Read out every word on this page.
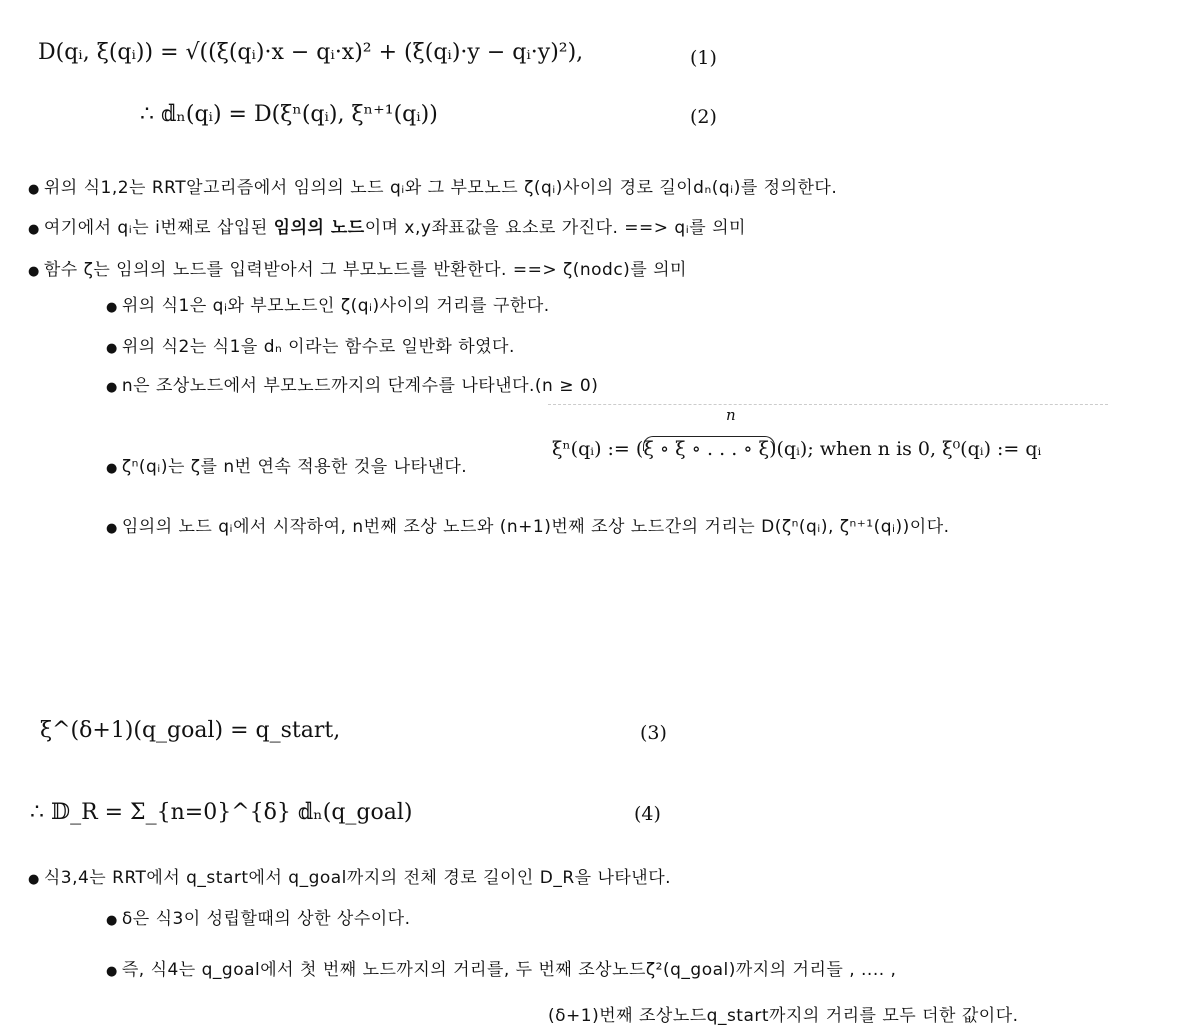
D(qᵢ, ξ(qᵢ)) = √((ξ(qᵢ)·x − qᵢ·x)² + (ξ(qᵢ)·y − qᵢ·y)²),	(1)
∴ 𝕕ₙ(qᵢ) = D(ξⁿ(qᵢ), ξⁿ⁺¹(qᵢ))	(2)
● 위의 식1,2는 RRT알고리즘에서 임의의 노드 qᵢ와 그 부모노드 ζ(qᵢ)사이의 경로 길이dₙ(qᵢ)를 정의한다.
● 여기에서 qᵢ는 i번째로 삽입된 임의의 노드이며 x,y좌표값을 요소로 가진다. ==> qᵢ를 의미
● 함수 ζ는 임의의 노드를 입력받아서 그 부모노드를 반환한다. ==> ζ(nodc)를 의미
● 위의 식1은 qᵢ와 부모노드인 ζ(qᵢ)사이의 거리를 구한다.
● 위의 식2는 식1을 dₙ 이라는 함수로 일반화 하였다.
● n은 조상노드에서 부모노드까지의 단계수를 나타낸다.(n ≥ 0)
● ζⁿ(qᵢ)는 ζ를 n번 연속 적용한 것을 나타낸다.
n
ξⁿ(qᵢ) := (
ξ ∘ ξ ∘ . . . ∘ ξ)(qᵢ); when n is 0, ξ⁰(qᵢ) := qᵢ
● 임의의 노드 qᵢ에서 시작하여, n번째 조상 노드와 (n+1)번째 조상 노드간의 거리는 D(ζⁿ(qᵢ), ζⁿ⁺¹(qᵢ))이다.
ξ^(δ+1)(q_goal) = q_start,	(3)
∴ 𝔻_R = Σ_{n=0}^{δ} 𝕕ₙ(q_goal)	(4)
● 식3,4는 RRT에서 q_start에서 q_goal까지의 전체 경로 길이인 D_R을 나타낸다.
● δ은 식3이 성립할때의 상한 상수이다.
● 즉, 식4는 q_goal에서 첫 번째 노드까지의 거리를, 두 번째 조상노드ζ²(q_goal)까지의 거리들 , .... ,
(δ+1)번째 조상노드q_start까지의 거리를 모두 더한 값이다.
